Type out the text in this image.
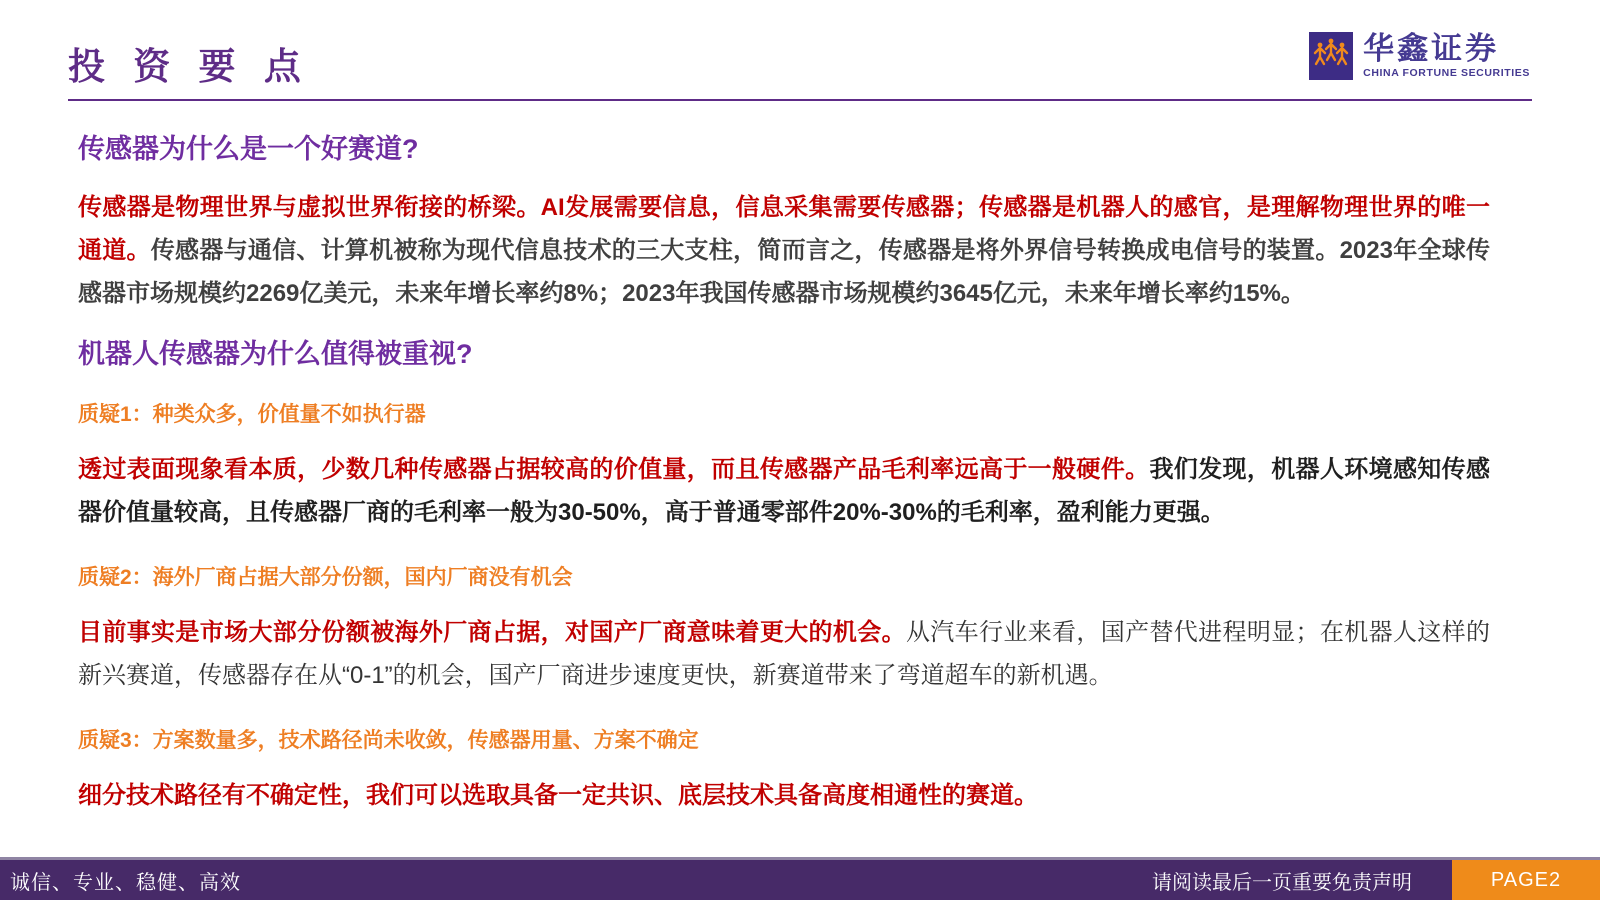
投 资 要 点	华鑫证券
CHINA FORTUNE SECURITIES
传感器为什么是一个好赛道?
传感器是物理世界与虚拟世界衔接的桥梁。AI发展需要信息，信息采集需要传感器；传感器是机器人的感官，是理解物理世界的唯一通道。传感器与通信、计算机被称为现代信息技术的三大支柱，简而言之，传感器是将外界信号转换成电信号的装置。2023年全球传感器市场规模约2269亿美元，未来年增长率约8%；2023年我国传感器市场规模约3645亿元，未来年增长率约15%。
机器人传感器为什么值得被重视?
质疑1：种类众多，价值量不如执行器
透过表面现象看本质，少数几种传感器占据较高的价值量，而且传感器产品毛利率远高于一般硬件。我们发现，机器人环境感知传感器价值量较高，且传感器厂商的毛利率一般为30-50%，高于普通零部件20%-30%的毛利率，盈利能力更强。
质疑2：海外厂商占据大部分份额，国内厂商没有机会
目前事实是市场大部分份额被海外厂商占据，对国产厂商意味着更大的机会。从汽车行业来看，国产替代进程明显；在机器人这样的新兴赛道，传感器存在从“0-1”的机会，国产厂商进步速度更快，新赛道带来了弯道超车的新机遇。
质疑3：方案数量多，技术路径尚未收敛，传感器用量、方案不确定
细分技术路径有不确定性，我们可以选取具备一定共识、底层技术具备高度相通性的赛道。
诚信、专业、稳健、高效	请阅读最后一页重要免责声明	PAGE2
